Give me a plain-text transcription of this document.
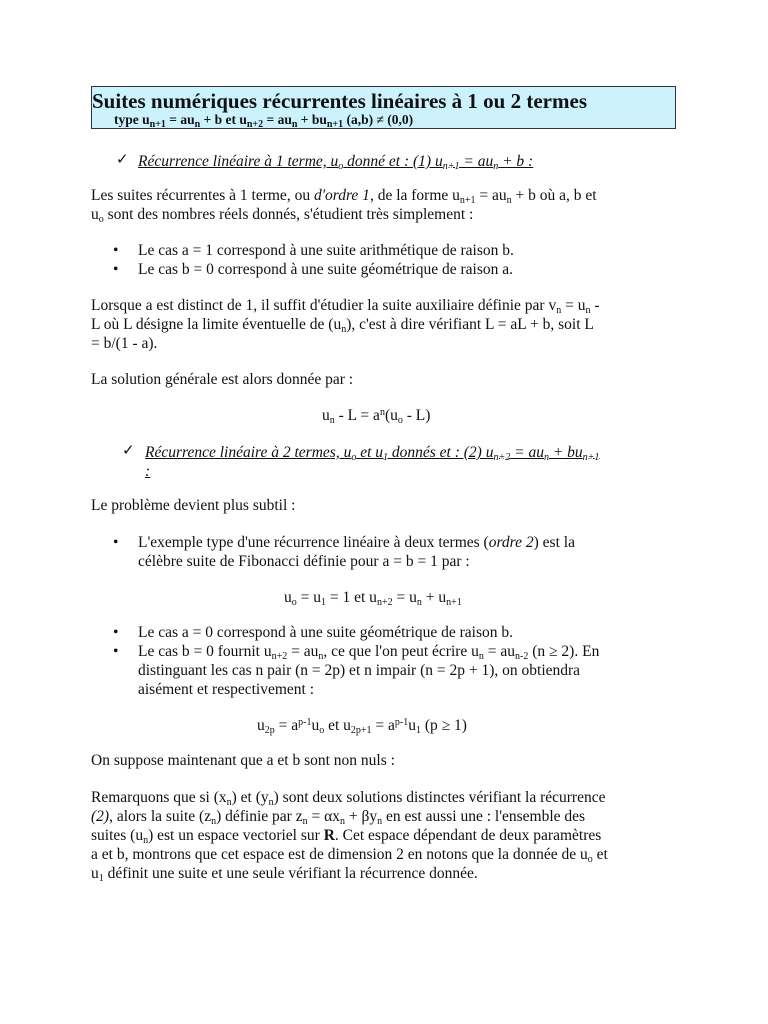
Suites numériques récurrentes linéaires à 1 ou 2 termes
type $u_{n+1} = au_n + b$ et $u_{n+2} = au_n + bu_{n+1}$ (a,b) ≠ (0,0)
✓ Récurrence linéaire à 1 terme, $u_o$ donné et : (1) $u_{n+1} = au_n + b$ :
Les suites récurrentes à 1 terme, ou d'ordre 1, de la forme $u_{n+1} = au_n + b$ où a, b et
$u_o$ sont des nombres réels donnés, s'étudient très simplement :
• Le cas a = 1 correspond à une suite arithmétique de raison b.
• Le cas b = 0 correspond à une suite géométrique de raison a.
Lorsque a est distinct de 1, il suffit d'étudier la suite auxiliaire définie par $v_n = u_n$ -
L où L désigne la limite éventuelle de $(u_n)$, c'est à dire vérifiant L = aL + b, soit L
= b/(1 - a).
La solution générale est alors donnée par :
$u_n - L = a^n(u_o - L)$
✓ Récurrence linéaire à 2 termes, $u_o$ et $u_1$ donnés et : (2) $u_{n+2} = au_n + bu_{n+1}$
:
Le problème devient plus subtil :
• L'exemple type d'une récurrence linéaire à deux termes (ordre 2) est la
célèbre suite de Fibonacci définie pour a = b = 1 par :
$u_o = u_1 = 1$ et $u_{n+2} = u_n + u_{n+1}$
• Le cas a = 0 correspond à une suite géométrique de raison b.
• Le cas b = 0 fournit $u_{n+2} = au_n$, ce que l'on peut écrire $u_n = au_{n-2}$ (n ≥ 2). En
distinguant les cas n pair (n = 2p) et n impair (n = 2p + 1), on obtiendra
aisément et respectivement :
$u_{2p} = a^{p-1}u_o$ et $u_{2p+1} = a^{p-1}u_1$ (p ≥ 1)
On suppose maintenant que a et b sont non nuls :
Remarquons que si $(x_n)$ et $(y_n)$ sont deux solutions distinctes vérifiant la récurrence
(2), alors la suite $(z_n)$ définie par $z_n = \alpha x_n + \beta y_n$ en est aussi une : l'ensemble des
suites $(u_n)$ est un espace vectoriel sur R. Cet espace dépendant de deux paramètres
a et b, montrons que cet espace est de dimension 2 en notons que la donnée de $u_o$ et
$u_1$ définit une suite et une seule vérifiant la récurrence donnée.
